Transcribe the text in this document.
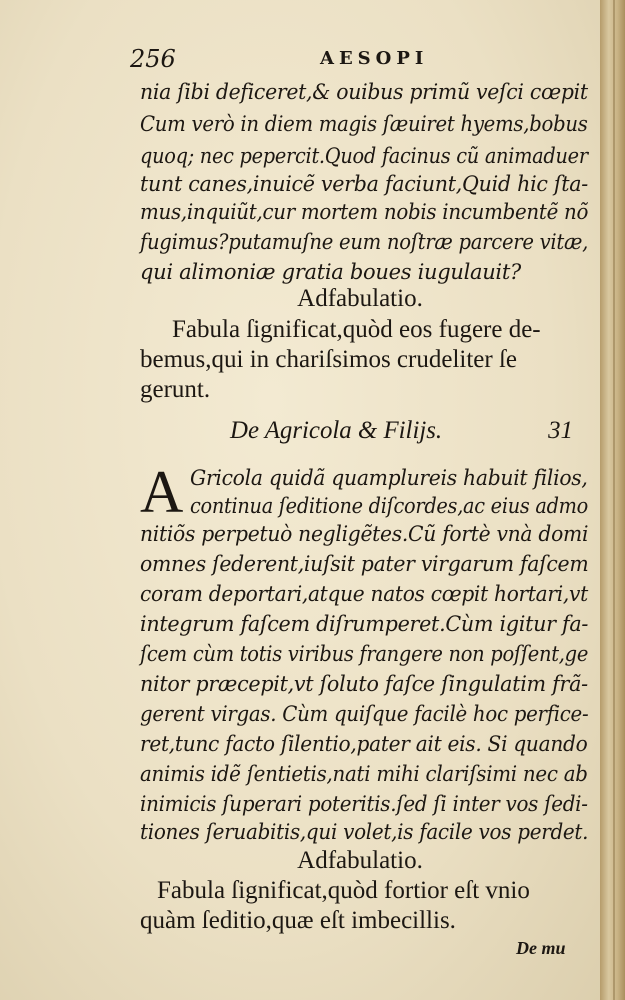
256	AESOPI
nia ſibi deficeret,& ouibus primũ veſci cœpit
Cum verò in diem magis ſæuiret hyems,bobus
quoq; nec pepercit.Quod facinus cũ animaduer
tunt canes,inuicẽ verba faciunt,Quid hic ſta-
mus,inquiũt,cur mortem nobis incumbentẽ nõ
fugimus?putamuſne eum noſtræ parcere vitæ,
qui alimoniæ gratia boues iugulauit?
Adfabulatio.
Fabula ſignificat,quòd eos fugere de-
bemus,qui in chariſsimos crudeliter ſe
gerunt.
De Agricola & Filijs.	31
A Gricola quidã quamplureis habuit filios,
continua ſeditione diſcordes,ac eius admo
nitiõs perpetuò negligẽtes.Cũ fortè vnà domi
omnes ſederent,iuſsit pater virgarum faſcem
coram deportari,atque natos cœpit hortari,vt
integrum faſcem diſrumperet.Cùm igitur fa-
ſcem cùm totis viribus frangere non poſſent,ge
nitor præcepit,vt ſoluto faſce ſingulatim frã-
gerent virgas. Cùm quiſque facilè hoc perfice-
ret,tunc facto ſilentio,pater ait eis. Si quando
animis idẽ ſentietis,nati mihi clariſsimi nec ab
inimicis ſuperari poteritis.ſed ſi inter vos ſedi-
tiones ſeruabitis,qui volet,is facile vos perdet.
Adfabulatio.
Fabula ſignificat,quòd fortior eſt vnio
quàm ſeditio,quæ eſt imbecillis.
De mu
